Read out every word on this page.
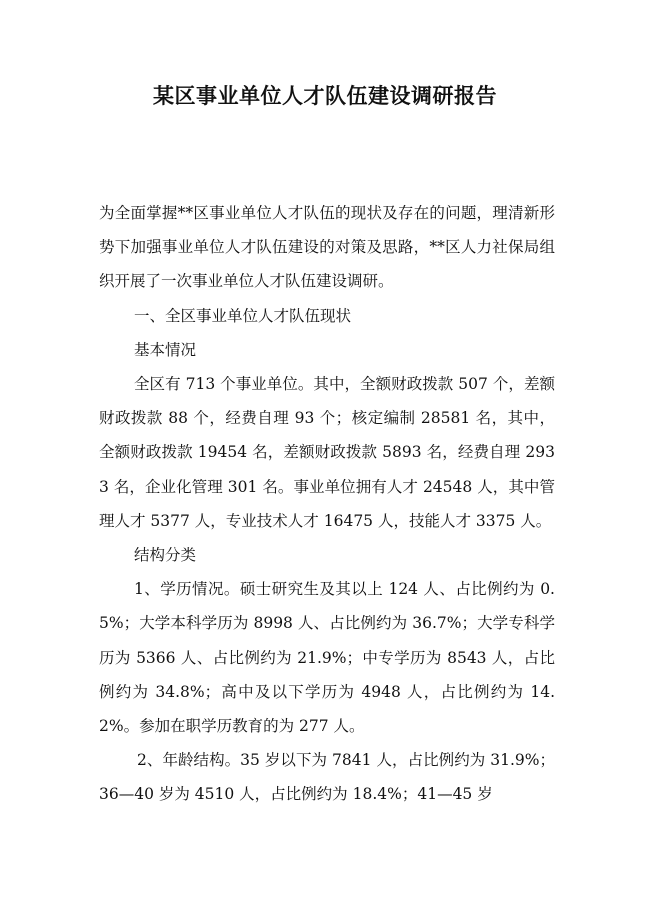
某区事业单位人才队伍建设调研报告

为全面掌握**区事业单位人才队伍的现状及存在的问题，理清新形势下加强事业单位人才队伍建设的对策及思路，**区人力社保局组织开展了一次事业单位人才队伍建设调研。

一、全区事业单位人才队伍现状

基本情况

全区有 713 个事业单位。其中，全额财政拨款 507 个，差额财政拨款 88 个，经费自理 93 个；核定编制 28581 名，其中，全额财政拨款 19454 名，差额财政拨款 5893 名，经费自理 2933 名，企业化管理 301 名。事业单位拥有人才 24548 人，其中管理人才 5377 人，专业技术人才 16475 人，技能人才 3375 人。

结构分类

1、学历情况。硕士研究生及其以上 124 人、占比例约为 0.5%；大学本科学历为 8998 人、占比例约为 36.7%；大学专科学历为 5366 人、占比例约为 21.9%；中专学历为 8543 人，占比例约为 34.8%；高中及以下学历为 4948 人，占比例约为 14.2%。参加在职学历教育的为 277 人。

2、年龄结构。35 岁以下为 7841 人，占比例约为 31.9%；36—40 岁为 4510 人，占比例约为 18.4%；41—45 岁
